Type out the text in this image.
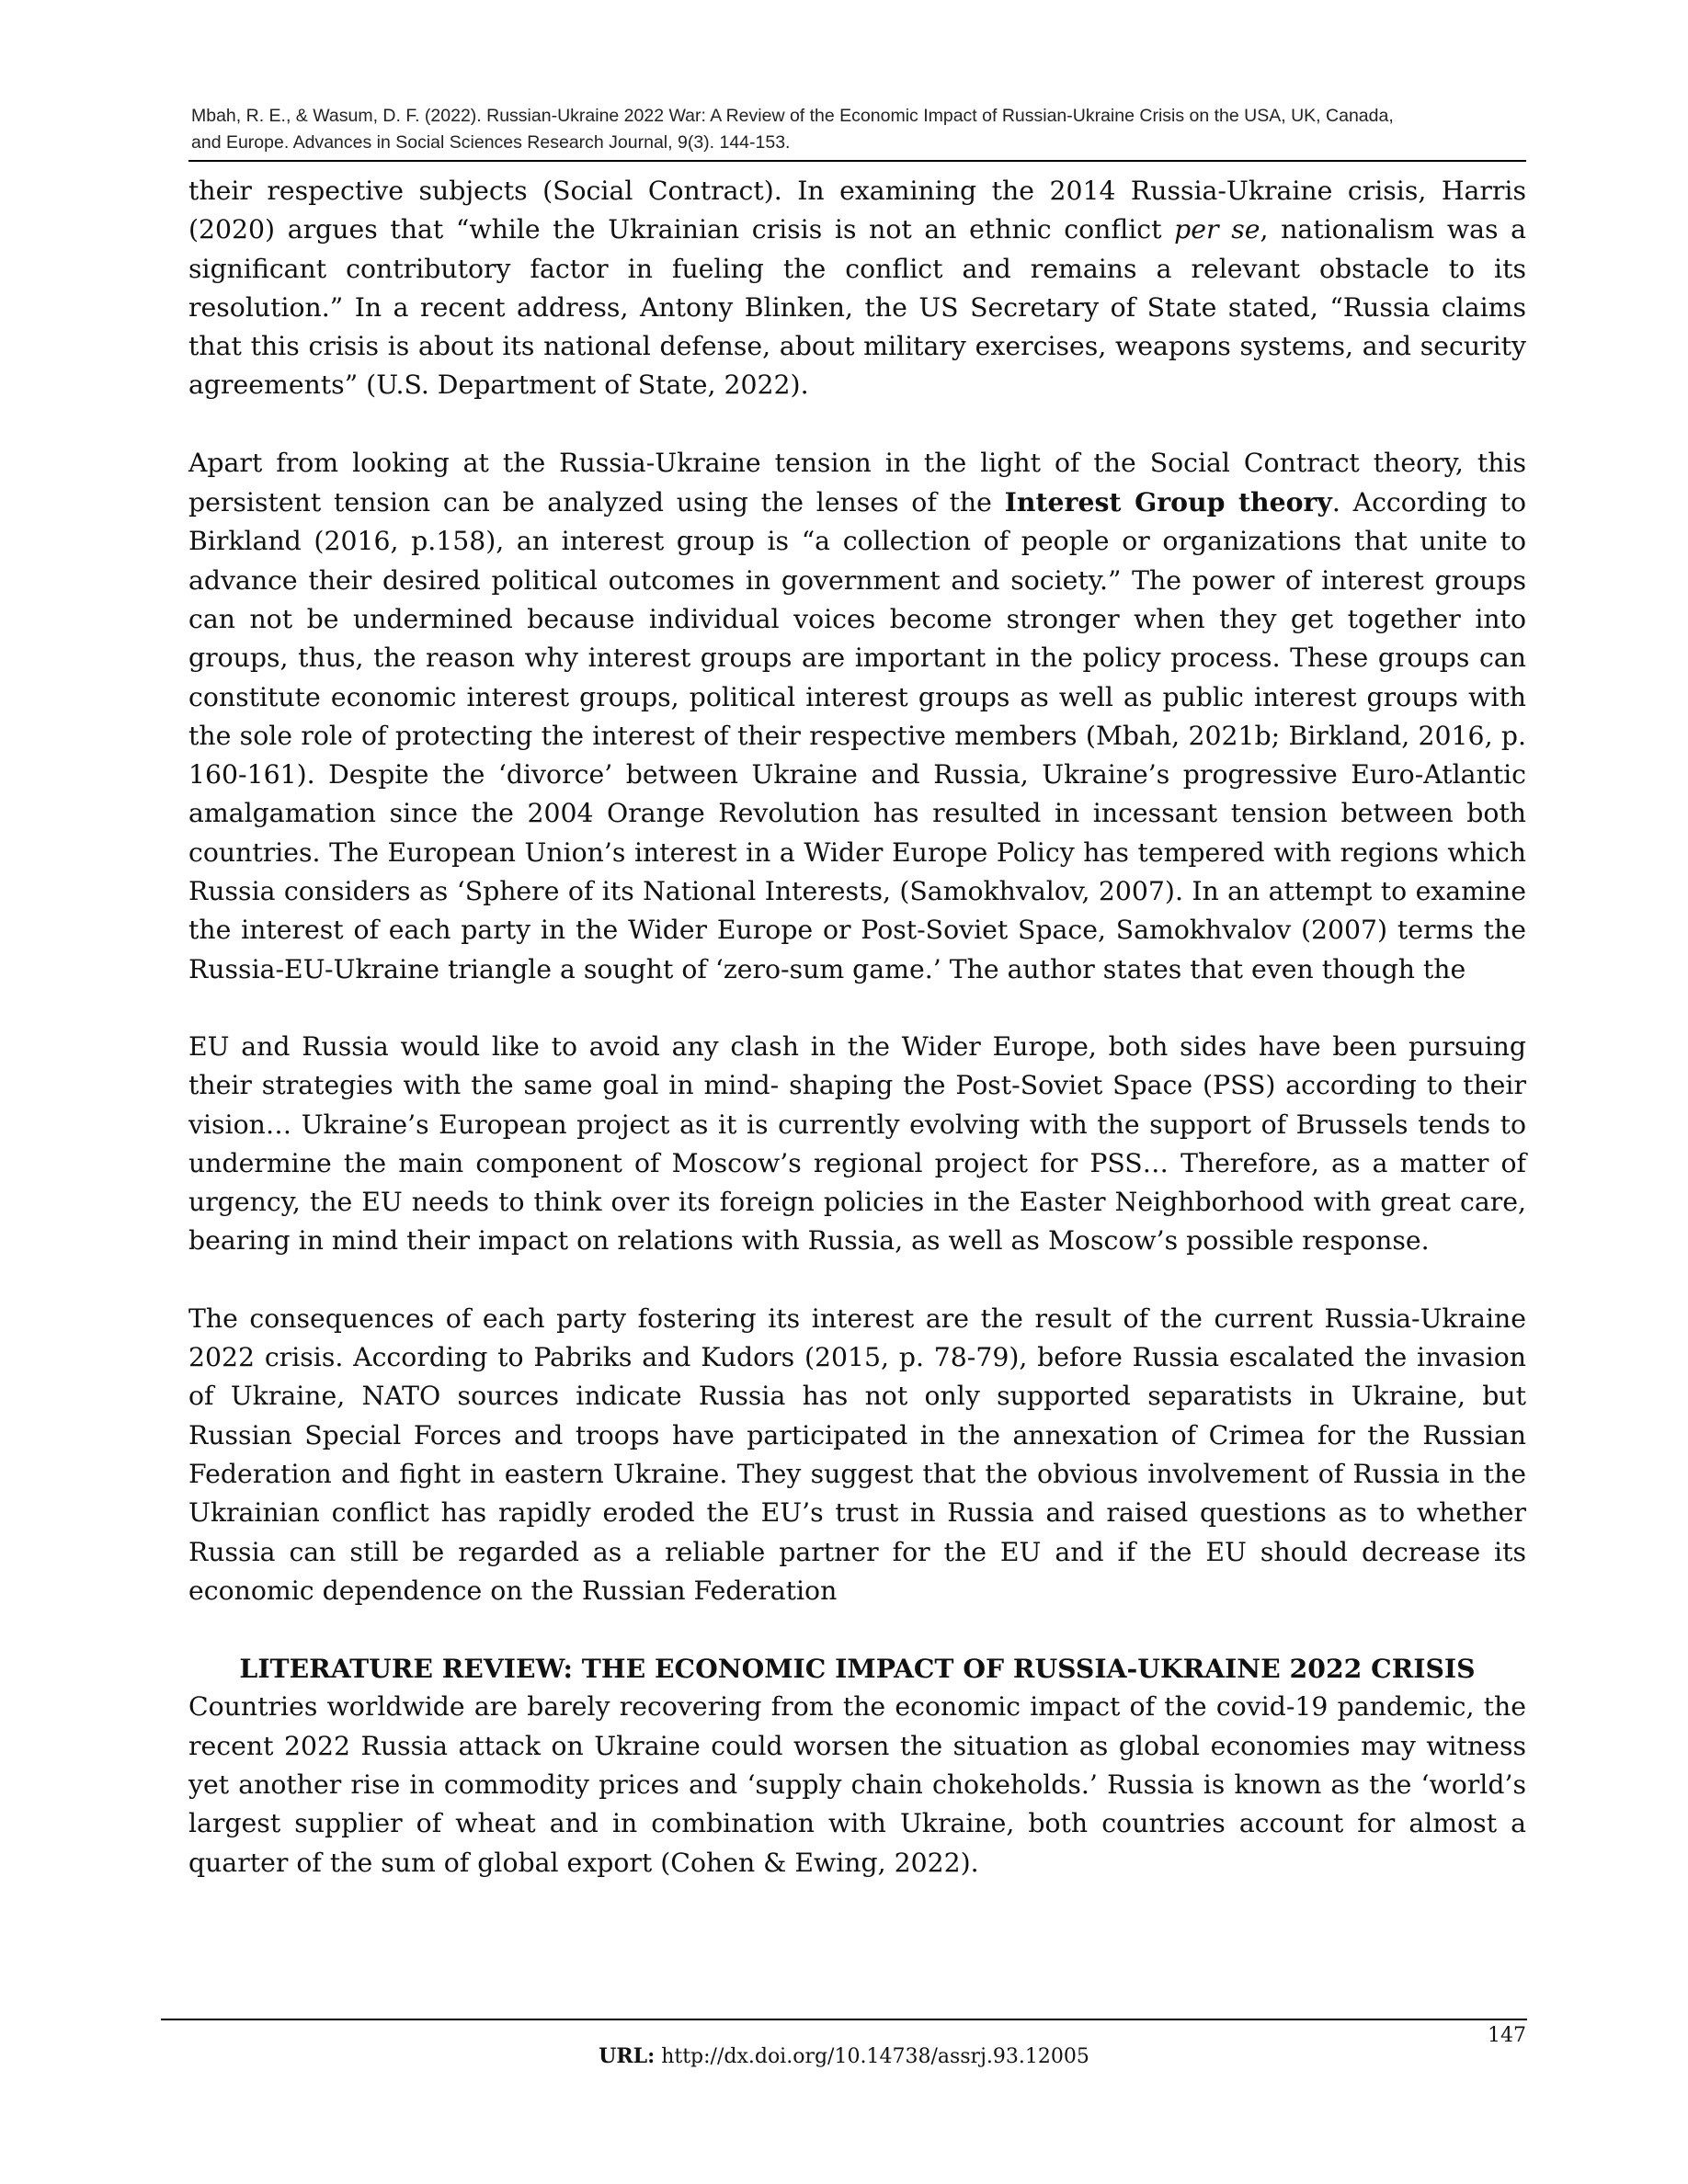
Mbah, R. E., & Wasum, D. F. (2022). Russian-Ukraine 2022 War: A Review of the Economic Impact of Russian-Ukraine Crisis on the USA, UK, Canada,
and Europe. Advances in Social Sciences Research Journal, 9(3). 144-153.

their respective subjects (Social Contract). In examining the 2014 Russia-Ukraine crisis, Harris (2020) argues that “while the Ukrainian crisis is not an ethnic conflict per se, nationalism was a significant contributory factor in fueling the conflict and remains a relevant obstacle to its resolution.” In a recent address, Antony Blinken, the US Secretary of State stated, “Russia claims that this crisis is about its national defense, about military exercises, weapons systems, and security agreements” (U.S. Department of State, 2022).

Apart from looking at the Russia-Ukraine tension in the light of the Social Contract theory, this persistent tension can be analyzed using the lenses of the Interest Group theory. According to Birkland (2016, p.158), an interest group is “a collection of people or organizations that unite to advance their desired political outcomes in government and society.” The power of interest groups can not be undermined because individual voices become stronger when they get together into groups, thus, the reason why interest groups are important in the policy process. These groups can constitute economic interest groups, political interest groups as well as public interest groups with the sole role of protecting the interest of their respective members (Mbah, 2021b; Birkland, 2016, p. 160-161). Despite the ‘divorce’ between Ukraine and Russia, Ukraine’s progressive Euro-Atlantic amalgamation since the 2004 Orange Revolution has resulted in incessant tension between both countries. The European Union’s interest in a Wider Europe Policy has tempered with regions which Russia considers as ‘Sphere of its National Interests, (Samokhvalov, 2007). In an attempt to examine the interest of each party in the Wider Europe or Post-Soviet Space, Samokhvalov (2007) terms the Russia-EU-Ukraine triangle a sought of ‘zero-sum game.’ The author states that even though the

EU and Russia would like to avoid any clash in the Wider Europe, both sides have been pursuing their strategies with the same goal in mind- shaping the Post-Soviet Space (PSS) according to their vision… Ukraine’s European project as it is currently evolving with the support of Brussels tends to undermine the main component of Moscow’s regional project for PSS… Therefore, as a matter of urgency, the EU needs to think over its foreign policies in the Easter Neighborhood with great care, bearing in mind their impact on relations with Russia, as well as Moscow’s possible response.

The consequences of each party fostering its interest are the result of the current Russia-Ukraine 2022 crisis. According to Pabriks and Kudors (2015, p. 78-79), before Russia escalated the invasion of Ukraine, NATO sources indicate Russia has not only supported separatists in Ukraine, but Russian Special Forces and troops have participated in the annexation of Crimea for the Russian Federation and fight in eastern Ukraine. They suggest that the obvious involvement of Russia in the Ukrainian conflict has rapidly eroded the EU’s trust in Russia and raised questions as to whether Russia can still be regarded as a reliable partner for the EU and if the EU should decrease its economic dependence on the Russian Federation

LITERATURE REVIEW: THE ECONOMIC IMPACT OF RUSSIA-UKRAINE 2022 CRISIS

Countries worldwide are barely recovering from the economic impact of the covid-19 pandemic, the recent 2022 Russia attack on Ukraine could worsen the situation as global economies may witness yet another rise in commodity prices and ‘supply chain chokeholds.’ Russia is known as the ‘world’s largest supplier of wheat and in combination with Ukraine, both countries account for almost a quarter of the sum of global export (Cohen & Ewing, 2022).

147
URL: http://dx.doi.org/10.14738/assrj.93.12005
